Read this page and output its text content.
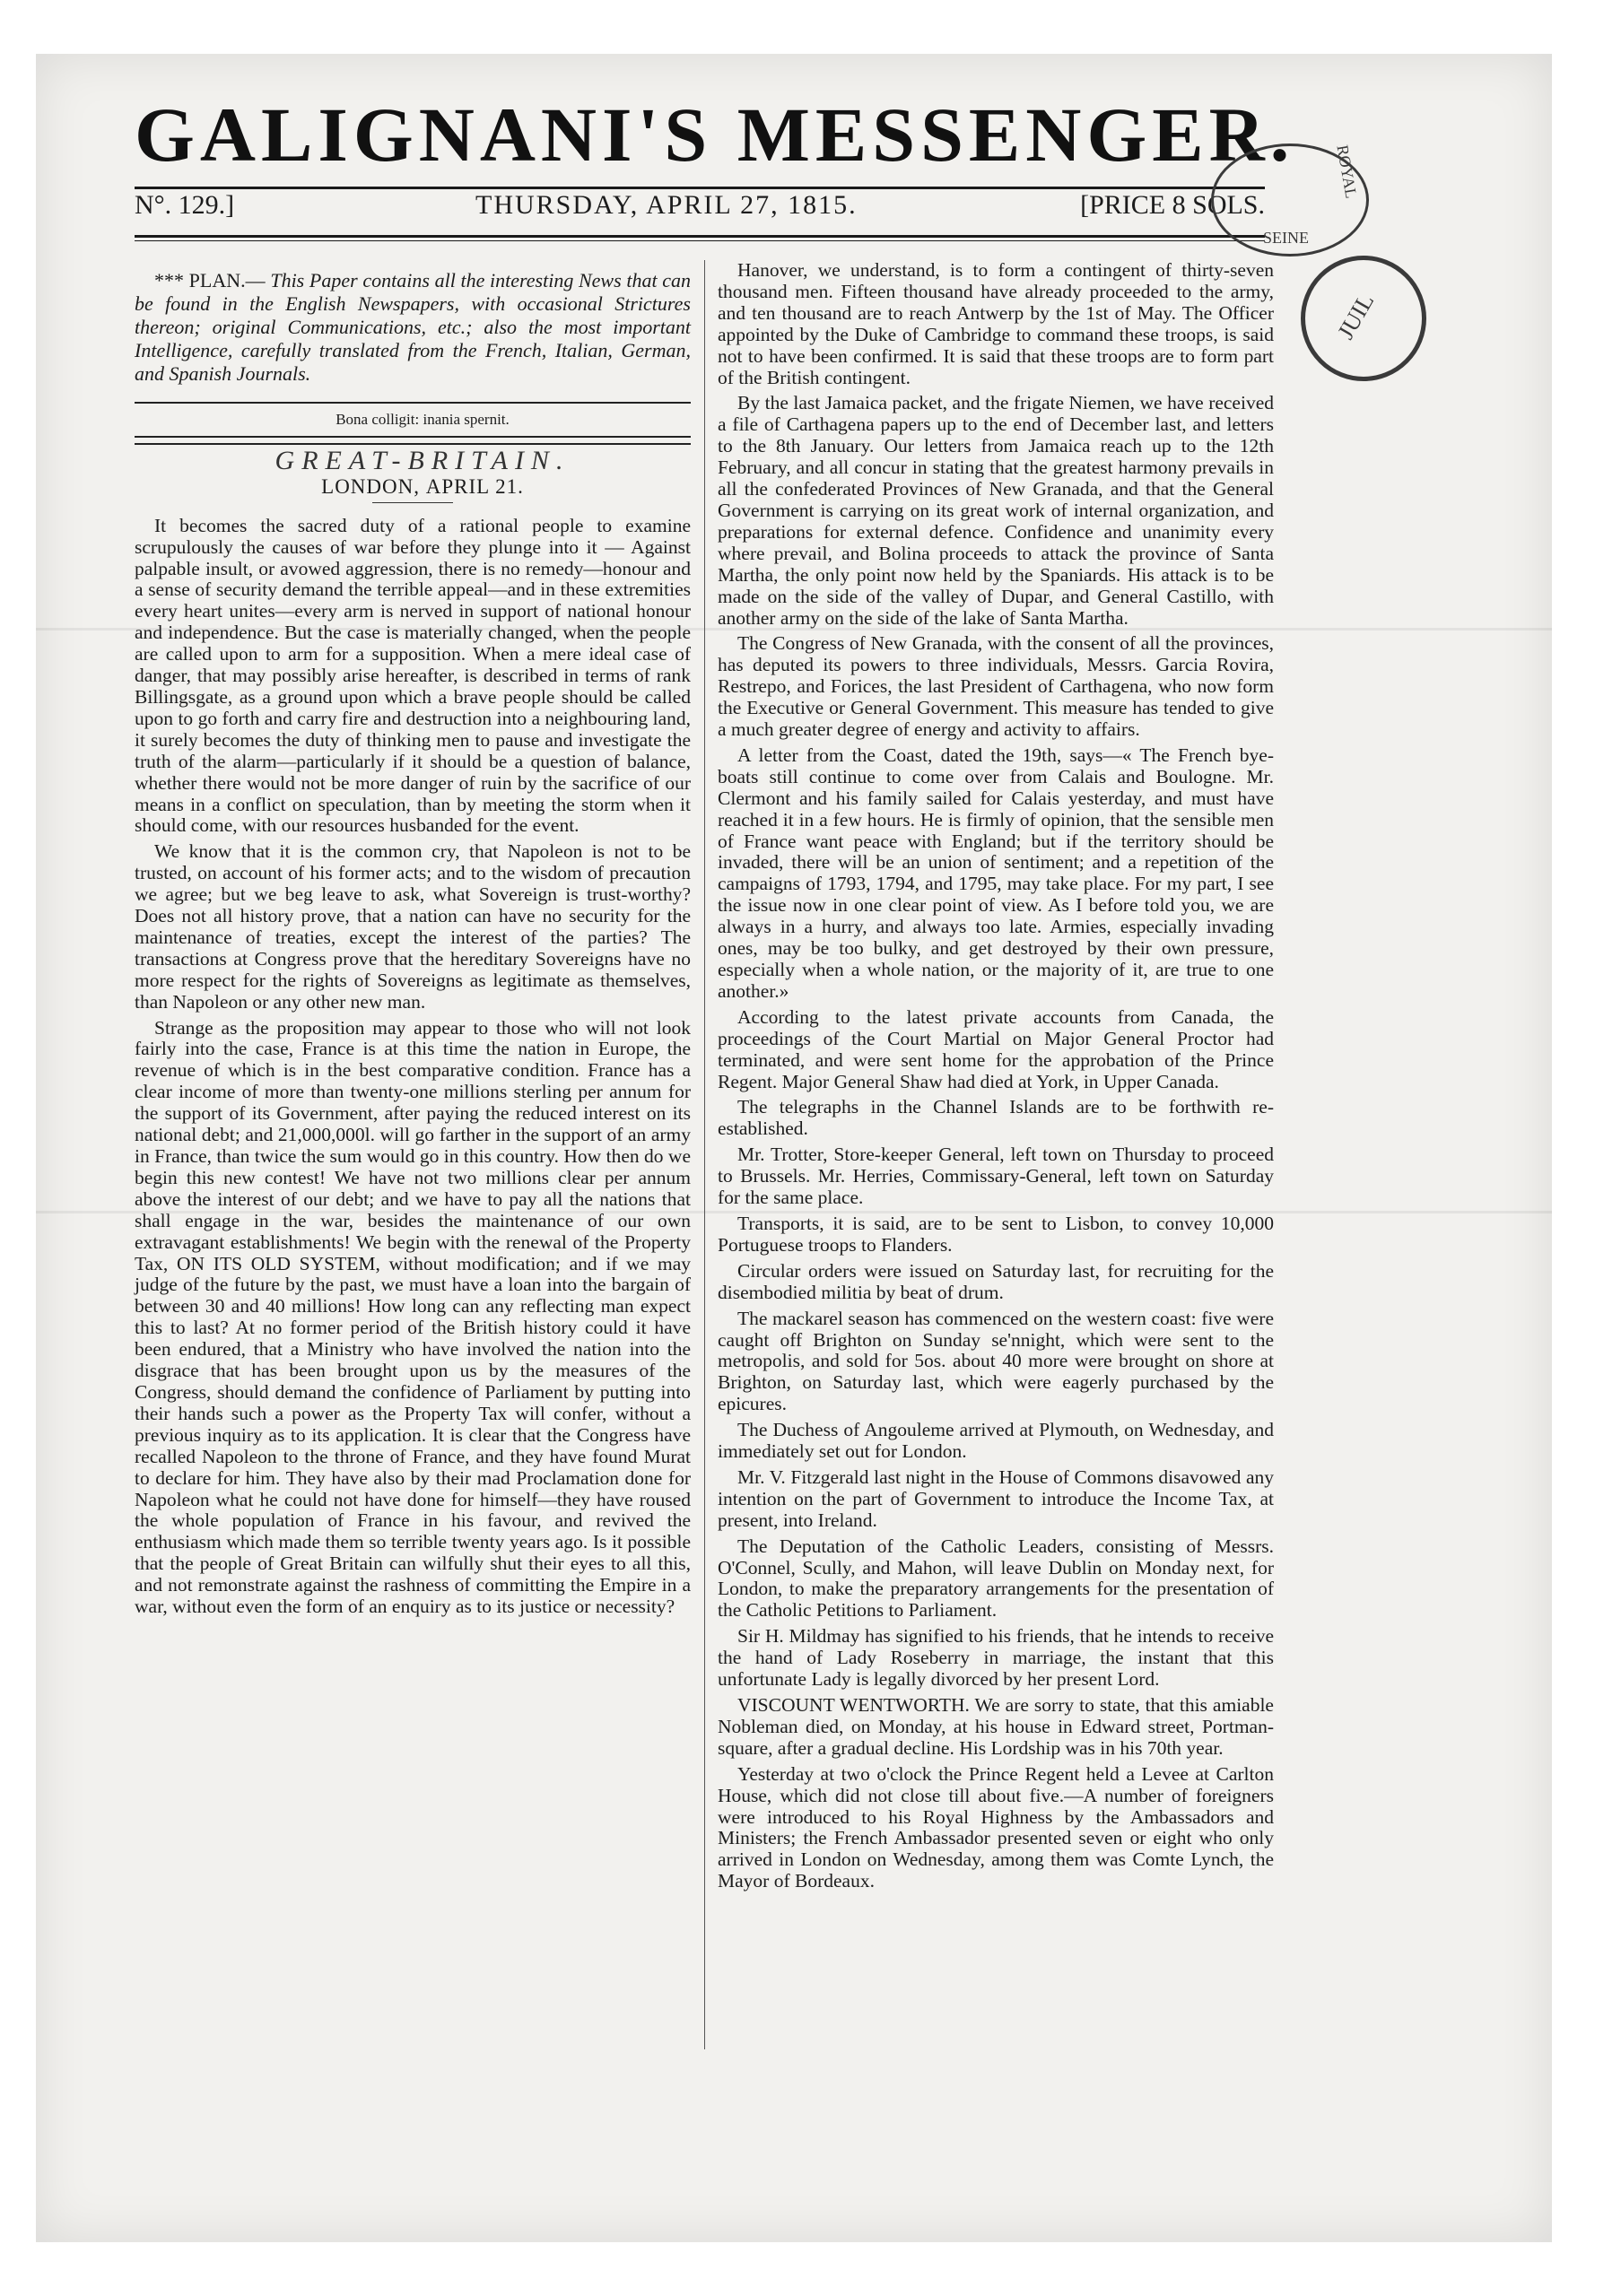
GALIGNANI'S MESSENGER.
N°. 129.]	THURSDAY, APRIL 27, 1815.	[PRICE 8 SOLS.
ROYAL
SEINE
JUIL

*** PLAN.— This Paper contains all the interesting News that can be found in the English Newspapers, with occasional Strictures thereon; original Communications, etc.; also the most important Intelligence, carefully translated from the French, Italian, German, and Spanish Journals.

Bona colligit: inania spernit.

GREAT-BRITAIN.

LONDON, APRIL 21.

It becomes the sacred duty of a rational people to examine scrupulously the causes of war before they plunge into it — Against palpable insult, or avowed aggression, there is no remedy—honour and a sense of security demand the terrible appeal—and in these extremities every heart unites—every arm is nerved in support of national honour and independence. But the case is materially changed, when the people are called upon to arm for a supposition. When a mere ideal case of danger, that may possibly arise hereafter, is described in terms of rank Billingsgate, as a ground upon which a brave people should be called upon to go forth and carry fire and destruction into a neighbouring land, it surely becomes the duty of thinking men to pause and investigate the truth of the alarm—particularly if it should be a question of balance, whether there would not be more danger of ruin by the sacrifice of our means in a conflict on speculation, than by meeting the storm when it should come, with our resources husbanded for the event.

We know that it is the common cry, that Napoleon is not to be trusted, on account of his former acts; and to the wisdom of precaution we agree; but we beg leave to ask, what Sovereign is trust-worthy? Does not all history prove, that a nation can have no security for the maintenance of treaties, except the interest of the parties? The transactions at Congress prove that the hereditary Sovereigns have no more respect for the rights of Sovereigns as legitimate as themselves, than Napoleon or any other new man.

Strange as the proposition may appear to those who will not look fairly into the case, France is at this time the nation in Europe, the revenue of which is in the best comparative condition. France has a clear income of more than twenty-one millions sterling per annum for the support of its Government, after paying the reduced interest on its national debt; and 21,000,000l. will go farther in the support of an army in France, than twice the sum would go in this country. How then do we begin this new contest! We have not two millions clear per annum above the interest of our debt; and we have to pay all the nations that shall engage in the war, besides the maintenance of our own extravagant establishments! We begin with the renewal of the Property Tax, ON ITS OLD SYSTEM, without modification; and if we may judge of the future by the past, we must have a loan into the bargain of between 30 and 40 millions! How long can any reflecting man expect this to last? At no former period of the British history could it have been endured, that a Ministry who have involved the nation into the disgrace that has been brought upon us by the measures of the Congress, should demand the confidence of Parliament by putting into their hands such a power as the Property Tax will confer, without a previous inquiry as to its application. It is clear that the Congress have recalled Napoleon to the throne of France, and they have found Murat to declare for him. They have also by their mad Proclamation done for Napoleon what he could not have done for himself—they have roused the whole population of France in his favour, and revived the enthusiasm which made them so terrible twenty years ago. Is it possible that the people of Great Britain can wilfully shut their eyes to all this, and not remonstrate against the rashness of committing the Empire in a war, without even the form of an enquiry as to its justice or necessity?

Hanover, we understand, is to form a contingent of thirty-seven thousand men. Fifteen thousand have already proceeded to the army, and ten thousand are to reach Antwerp by the 1st of May. The Officer appointed by the Duke of Cambridge to command these troops, is said not to have been confirmed. It is said that these troops are to form part of the British contingent.

By the last Jamaica packet, and the frigate Niemen, we have received a file of Carthagena papers up to the end of December last, and letters to the 8th January. Our letters from Jamaica reach up to the 12th February, and all concur in stating that the greatest harmony prevails in all the confederated Provinces of New Granada, and that the General Government is carrying on its great work of internal organization, and preparations for external defence. Confidence and unanimity every where prevail, and Bolina proceeds to attack the province of Santa Martha, the only point now held by the Spaniards. His attack is to be made on the side of the valley of Dupar, and General Castillo, with another army on the side of the lake of Santa Martha.

The Congress of New Granada, with the consent of all the provinces, has deputed its powers to three individuals, Messrs. Garcia Rovira, Restrepo, and Forices, the last President of Carthagena, who now form the Executive or General Government. This measure has tended to give a much greater degree of energy and activity to affairs.

A letter from the Coast, dated the 19th, says—« The French bye-boats still continue to come over from Calais and Boulogne. Mr. Clermont and his family sailed for Calais yesterday, and must have reached it in a few hours. He is firmly of opinion, that the sensible men of France want peace with England; but if the territory should be invaded, there will be an union of sentiment; and a repetition of the campaigns of 1793, 1794, and 1795, may take place. For my part, I see the issue now in one clear point of view. As I before told you, we are always in a hurry, and always too late. Armies, especially invading ones, may be too bulky, and get destroyed by their own pressure, especially when a whole nation, or the majority of it, are true to one another.»

According to the latest private accounts from Canada, the proceedings of the Court Martial on Major General Proctor had terminated, and were sent home for the approbation of the Prince Regent. Major General Shaw had died at York, in Upper Canada.

The telegraphs in the Channel Islands are to be forthwith re-established.

Mr. Trotter, Store-keeper General, left town on Thursday to proceed to Brussels. Mr. Herries, Commissary-General, left town on Saturday for the same place.

Transports, it is said, are to be sent to Lisbon, to convey 10,000 Portuguese troops to Flanders.

Circular orders were issued on Saturday last, for recruiting for the disembodied militia by beat of drum.

The mackarel season has commenced on the western coast: five were caught off Brighton on Sunday se'nnight, which were sent to the metropolis, and sold for 5os. about 40 more were brought on shore at Brighton, on Saturday last, which were eagerly purchased by the epicures.

The Duchess of Angouleme arrived at Plymouth, on Wednesday, and immediately set out for London.

Mr. V. Fitzgerald last night in the House of Commons disavowed any intention on the part of Government to introduce the Income Tax, at present, into Ireland.

The Deputation of the Catholic Leaders, consisting of Messrs. O'Connel, Scully, and Mahon, will leave Dublin on Monday next, for London, to make the preparatory arrangements for the presentation of the Catholic Petitions to Parliament.

Sir H. Mildmay has signified to his friends, that he intends to receive the hand of Lady Roseberry in marriage, the instant that this unfortunate Lady is legally divorced by her present Lord.

VISCOUNT WENTWORTH. We are sorry to state, that this amiable Nobleman died, on Monday, at his house in Edward street, Portman-square, after a gradual decline. His Lordship was in his 70th year.

Yesterday at two o'clock the Prince Regent held a Levee at Carlton House, which did not close till about five.—A number of foreigners were introduced to his Royal Highness by the Ambassadors and Ministers; the French Ambassador presented seven or eight who only arrived in London on Wednesday, among them was Comte Lynch, the Mayor of Bordeaux.
